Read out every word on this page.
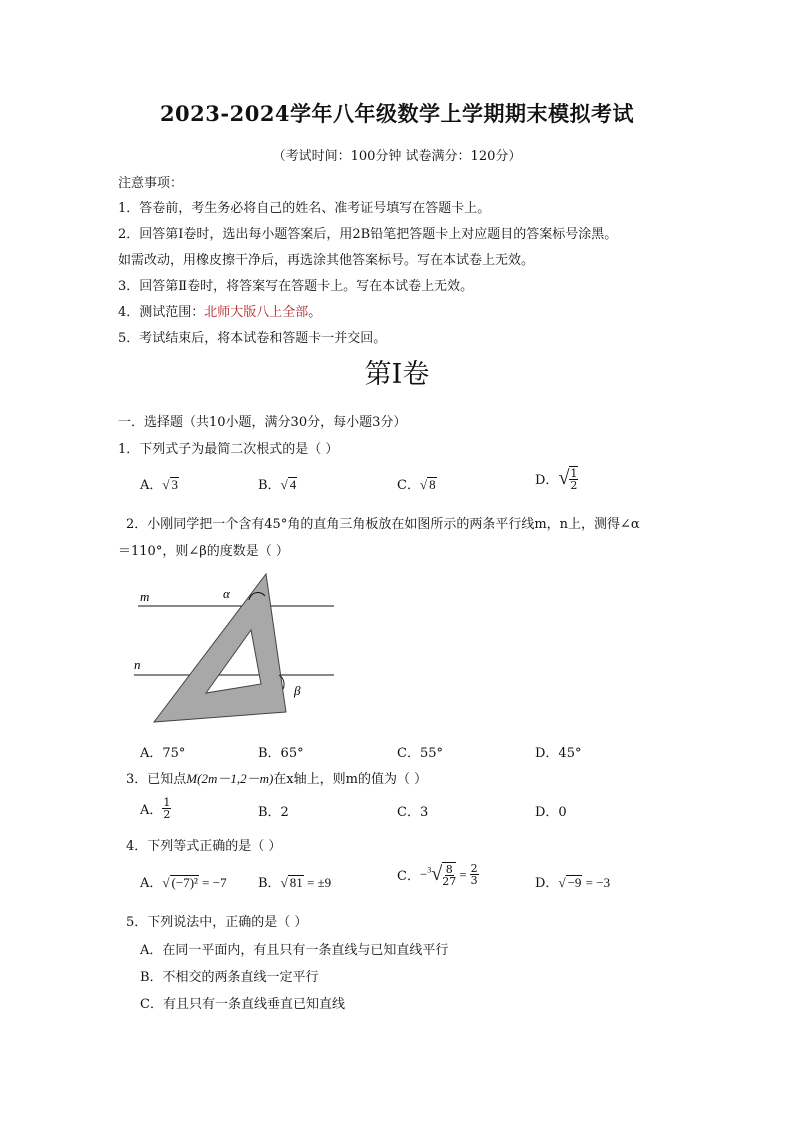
2023-2024学年八年级数学上学期期末模拟考试
（考试时间：100分钟 试卷满分：120分）
注意事项：
1．答卷前，考生务必将自己的姓名、准考证号填写在答题卡上。
2．回答第Ⅰ卷时，选出每小题答案后，用2B铅笔把答题卡上对应题目的答案标号涂黑。
如需改动，用橡皮擦干净后，再选涂其他答案标号。写在本试卷上无效。
3．回答第Ⅱ卷时，将答案写在答题卡上。写在本试卷上无效。
4．测试范围：北师大版八上全部。
5．考试结束后，将本试卷和答题卡一并交回。
第Ⅰ卷
一．选择题（共10小题，满分30分，每小题3分）
1．下列式子为最简二次根式的是（ ）
A．√ 3	B．√ 4	C．√ 8	D．√ $\frac{1}{2}$
2．小刚同学把一个含有45°角的直角三角板放在如图所示的两条平行线m，n上，测得∠α
＝110°，则∠β的度数是（ ）
m
n
α
β
A．75°	B．65°	C．55°	D．45°
3．已知点M(2m－1,2－m)在x轴上，则m的值为（ ）
A． $\frac{1}{2}$	B．2	C．3	D．0
4．下列等式正确的是（ ）
A．√ (−7)² = −7 B．√ 81 = ±9	C．$-^3√ \frac{8}{27} = \frac{2}{3}$	D．√ −9 = −3
5．下列说法中，正确的是（ ）
A．在同一平面内，有且只有一条直线与已知直线平行
B．不相交的两条直线一定平行
C．有且只有一条直线垂直已知直线
